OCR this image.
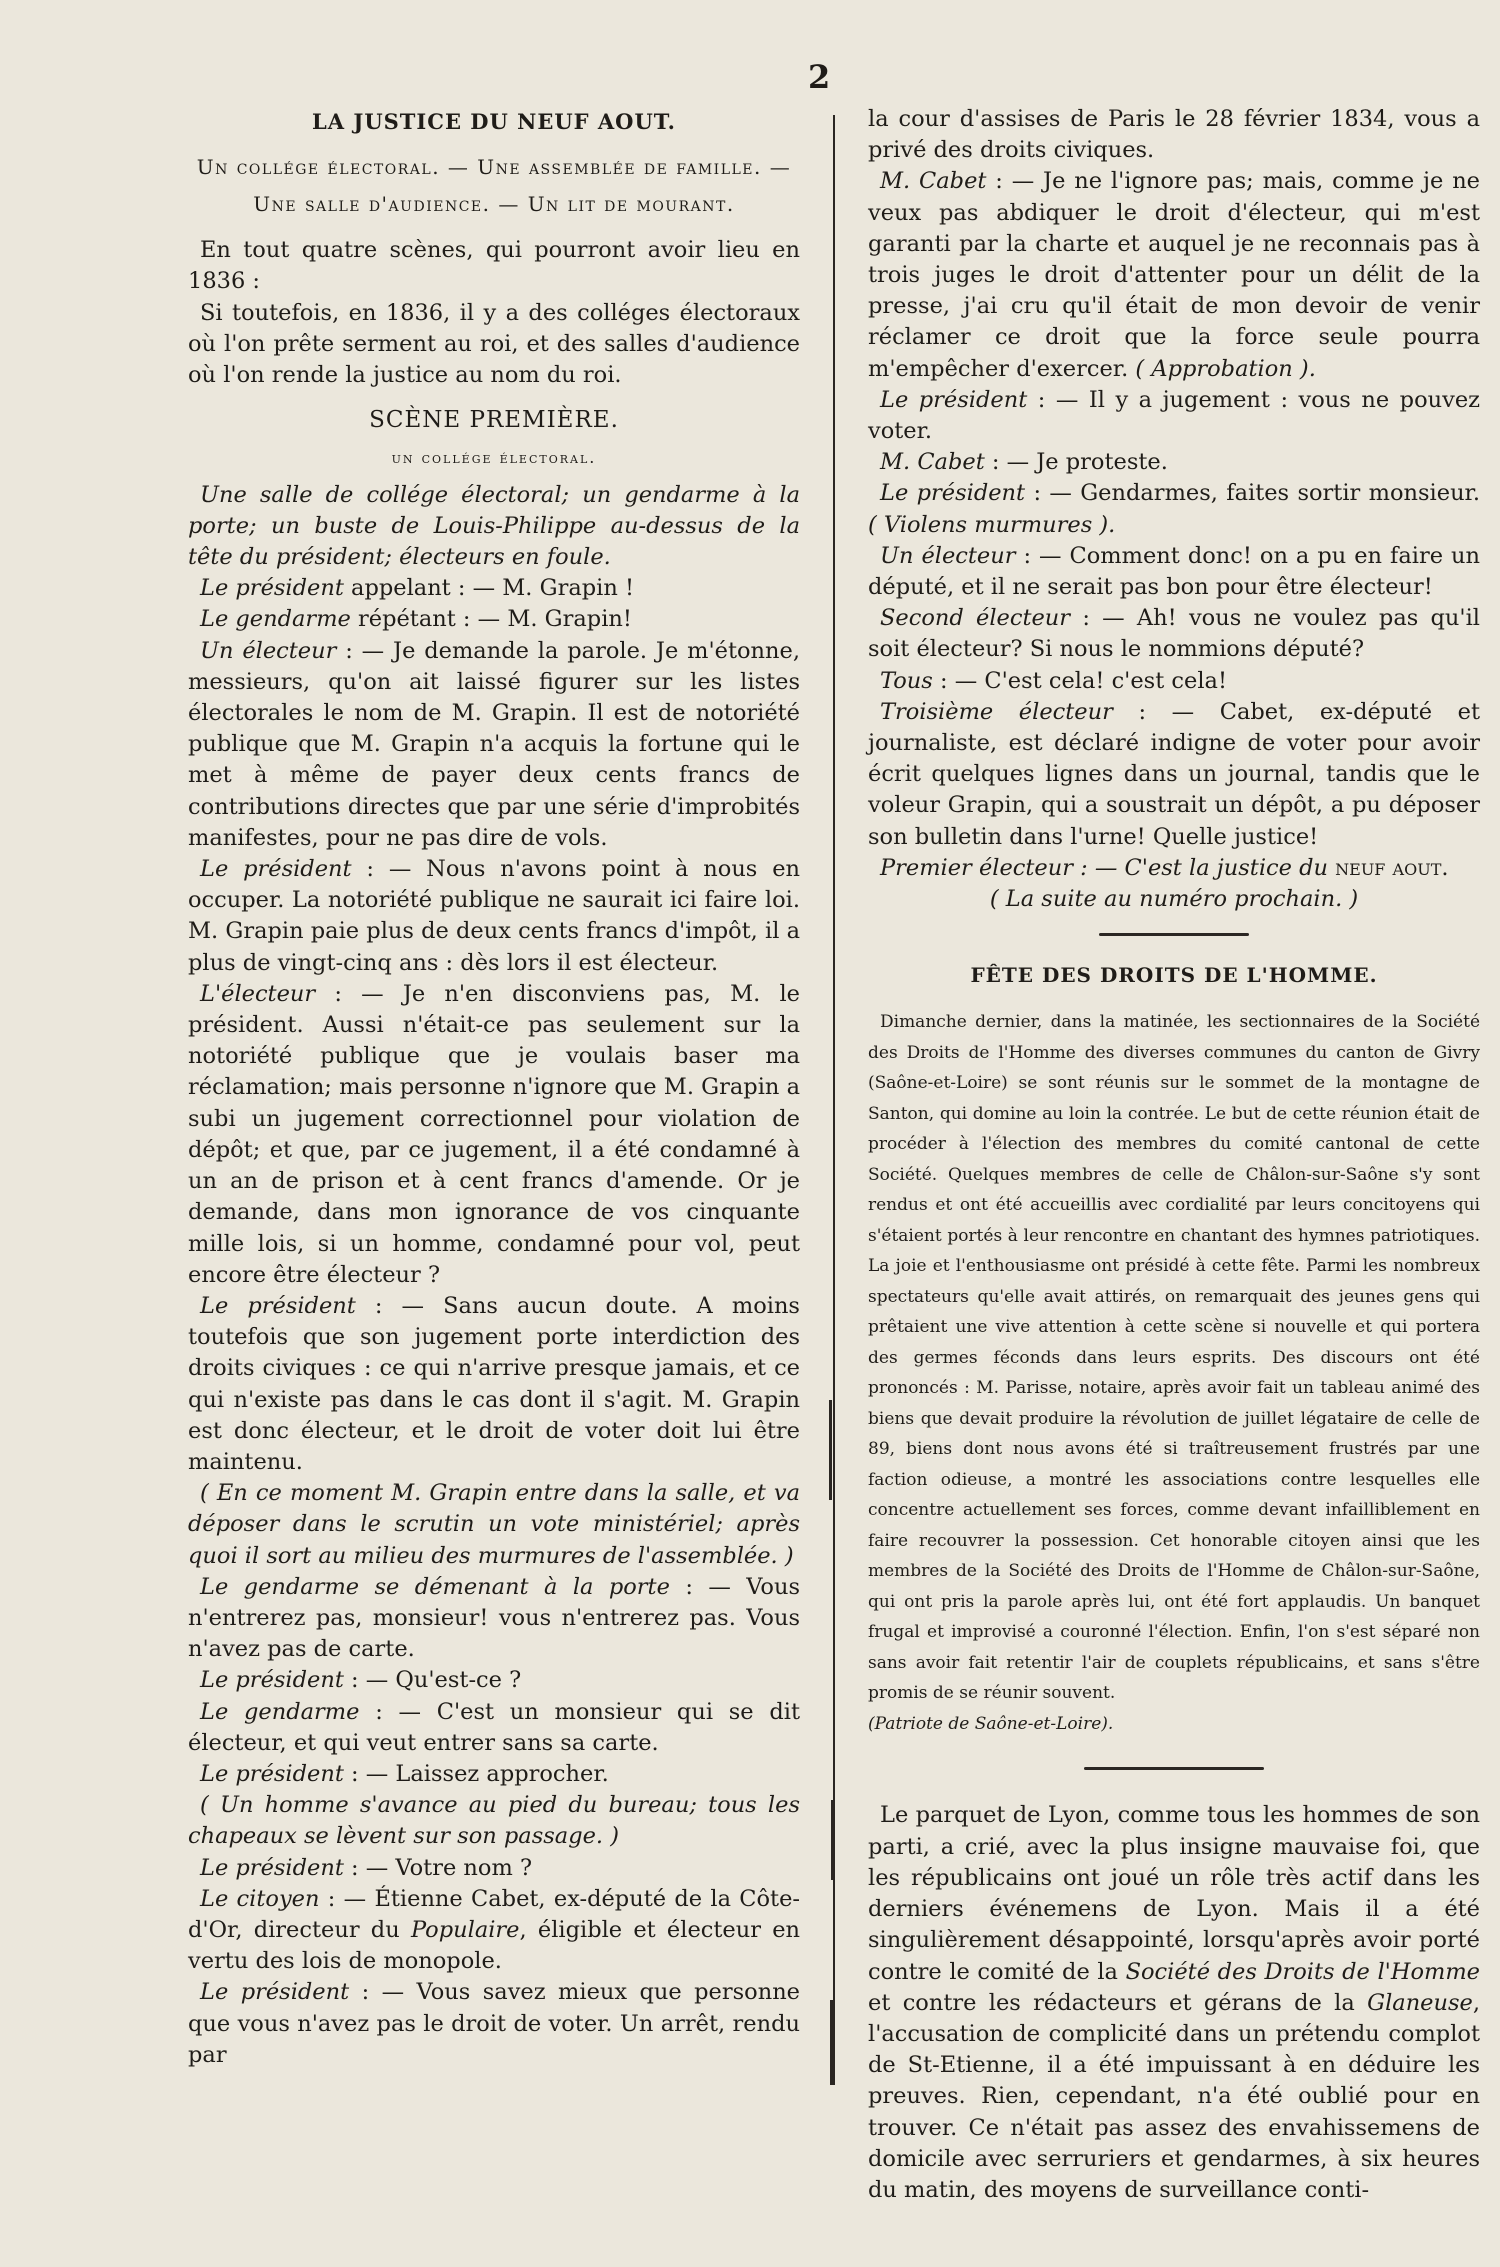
2
LA JUSTICE DU NEUF AOUT.
Un collége électoral. — Une assemblée de famille. — Une salle d'audience. — Un lit de mourant.

En tout quatre scènes, qui pourront avoir lieu en 1836 :

Si toutefois, en 1836, il y a des colléges électoraux où l'on prête serment au roi, et des salles d'audience où l'on rende la justice au nom du roi.

SCÈNE PREMIÈRE.
un collége électoral.

Une salle de collége électoral; un gendarme à la porte; un buste de Louis-Philippe au-dessus de la tête du président; électeurs en foule.

Le président appelant : — M. Grapin !

Le gendarme répétant : — M. Grapin!

Un électeur : — Je demande la parole. Je m'étonne, messieurs, qu'on ait laissé figurer sur les listes électorales le nom de M. Grapin. Il est de notoriété publique que M. Grapin n'a acquis la fortune qui le met à même de payer deux cents francs de contributions directes que par une série d'improbités manifestes, pour ne pas dire de vols.

Le président : — Nous n'avons point à nous en occuper. La notoriété publique ne saurait ici faire loi. M. Grapin paie plus de deux cents francs d'impôt, il a plus de vingt-cinq ans : dès lors il est électeur.

L'électeur : — Je n'en disconviens pas, M. le président. Aussi n'était-ce pas seulement sur la notoriété publique que je voulais baser ma réclamation; mais personne n'ignore que M. Grapin a subi un jugement correctionnel pour violation de dépôt; et que, par ce jugement, il a été condamné à un an de prison et à cent francs d'amende. Or je demande, dans mon ignorance de vos cinquante mille lois, si un homme, condamné pour vol, peut encore être électeur ?

Le président : — Sans aucun doute. A moins toutefois que son jugement porte interdiction des droits civiques : ce qui n'arrive presque jamais, et ce qui n'existe pas dans le cas dont il s'agit. M. Grapin est donc électeur, et le droit de voter doit lui être maintenu.

( En ce moment M. Grapin entre dans la salle, et va déposer dans le scrutin un vote ministériel; après quoi il sort au milieu des murmures de l'assemblée. )

Le gendarme se démenant à la porte : — Vous n'entrerez pas, monsieur! vous n'entrerez pas. Vous n'avez pas de carte.

Le président : — Qu'est-ce ?

Le gendarme : — C'est un monsieur qui se dit électeur, et qui veut entrer sans sa carte.

Le président : — Laissez approcher.

( Un homme s'avance au pied du bureau; tous les chapeaux se lèvent sur son passage. )

Le président : — Votre nom ?

Le citoyen : — Étienne Cabet, ex-député de la Côte-d'Or, directeur du Populaire, éligible et électeur en vertu des lois de monopole.

Le président : — Vous savez mieux que personne que vous n'avez pas le droit de voter. Un arrêt, rendu par

la cour d'assises de Paris le 28 février 1834, vous a privé des droits civiques.

M. Cabet : — Je ne l'ignore pas; mais, comme je ne veux pas abdiquer le droit d'électeur, qui m'est garanti par la charte et auquel je ne reconnais pas à trois juges le droit d'attenter pour un délit de la presse, j'ai cru qu'il était de mon devoir de venir réclamer ce droit que la force seule pourra m'empêcher d'exercer. ( Approbation ).

Le président : — Il y a jugement : vous ne pouvez voter.

M. Cabet : — Je proteste.

Le président : — Gendarmes, faites sortir monsieur. ( Violens murmures ).

Un électeur : — Comment donc! on a pu en faire un député, et il ne serait pas bon pour être électeur!

Second électeur : — Ah! vous ne voulez pas qu'il soit électeur? Si nous le nommions député?

Tous : — C'est cela! c'est cela!

Troisième électeur : — Cabet, ex-député et journaliste, est déclaré indigne de voter pour avoir écrit quelques lignes dans un journal, tandis que le voleur Grapin, qui a soustrait un dépôt, a pu déposer son bulletin dans l'urne! Quelle justice!

Premier électeur : — C'est la justice du neuf aout.

( La suite au numéro prochain. )

FÊTE DES DROITS DE L'HOMME.

Dimanche dernier, dans la matinée, les sectionnaires de la Société des Droits de l'Homme des diverses communes du canton de Givry (Saône-et-Loire) se sont réunis sur le sommet de la montagne de Santon, qui domine au loin la contrée. Le but de cette réunion était de procéder à l'élection des membres du comité cantonal de cette Société. Quelques membres de celle de Châlon-sur-Saône s'y sont rendus et ont été accueillis avec cordialité par leurs concitoyens qui s'étaient portés à leur rencontre en chantant des hymnes patriotiques. La joie et l'enthousiasme ont présidé à cette fête. Parmi les nombreux spectateurs qu'elle avait attirés, on remarquait des jeunes gens qui prêtaient une vive attention à cette scène si nouvelle et qui portera des germes féconds dans leurs esprits. Des discours ont été prononcés : M. Parisse, notaire, après avoir fait un tableau animé des biens que devait produire la révolution de juillet légataire de celle de 89, biens dont nous avons été si traîtreusement frustrés par une faction odieuse, a montré les associations contre lesquelles elle concentre actuellement ses forces, comme devant infailliblement en faire recouvrer la possession. Cet honorable citoyen ainsi que les membres de la Société des Droits de l'Homme de Châlon-sur-Saône, qui ont pris la parole après lui, ont été fort applaudis. Un banquet frugal et improvisé a couronné l'élection. Enfin, l'on s'est séparé non sans avoir fait retentir l'air de couplets républicains, et sans s'être promis de se réunir souvent.

(Patriote de Saône-et-Loire).

Le parquet de Lyon, comme tous les hommes de son parti, a crié, avec la plus insigne mauvaise foi, que les républicains ont joué un rôle très actif dans les derniers événemens de Lyon. Mais il a été singulièrement désappointé, lorsqu'après avoir porté contre le comité de la Société des Droits de l'Homme et contre les rédacteurs et gérans de la Glaneuse, l'accusation de complicité dans un prétendu complot de St-Etienne, il a été impuissant à en déduire les preuves. Rien, cependant, n'a été oublié pour en trouver. Ce n'était pas assez des envahissemens de domicile avec serruriers et gendarmes, à six heures du matin, des moyens de surveillance conti-
